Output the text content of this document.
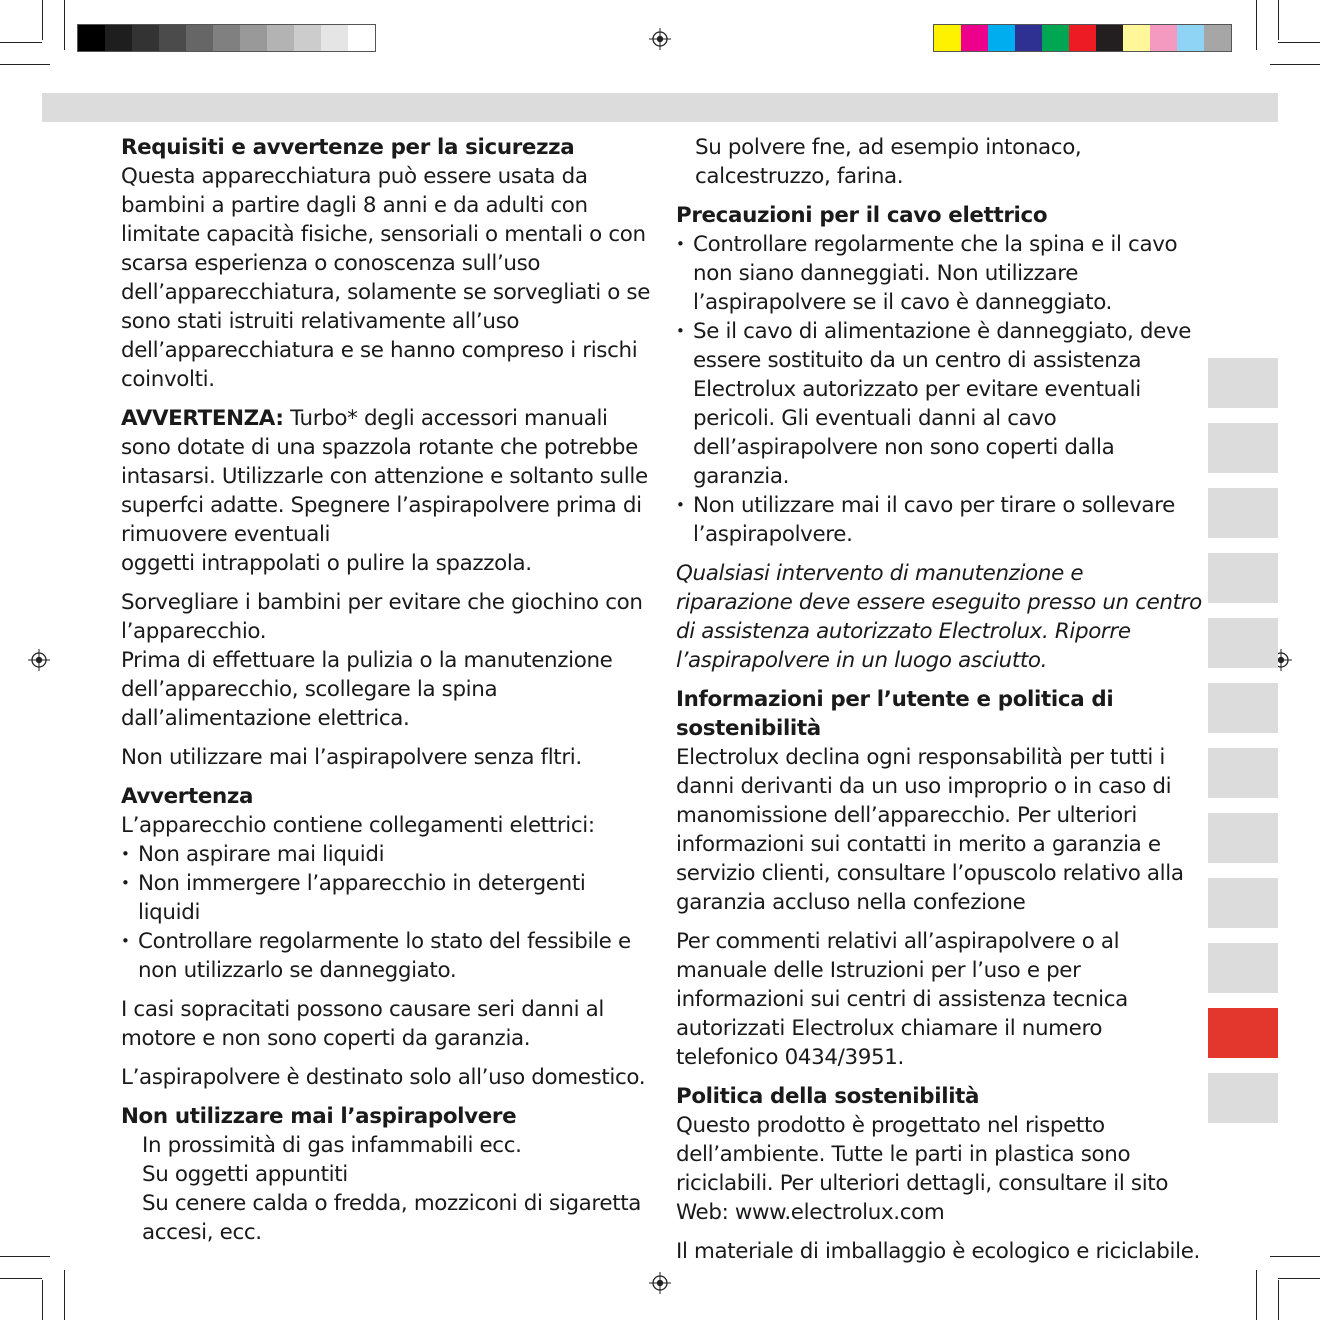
Requisiti e avvertenze per la sicurezza

Questa apparecchiatura può essere usata da bambini a partire dagli 8 anni e da adulti con limitate capacità fisiche, sensoriali o mentali o con scarsa esperienza o conoscenza sull’uso dell’apparecchiatura, solamente se sorvegliati o se sono stati istruiti relativamente all’uso dell’apparecchiatura e se hanno compreso i rischi coinvolti.

AVVERTENZA: Turbo* degli accessori manuali sono dotate di una spazzola rotante che potrebbe intasarsi. Utilizzarle con attenzione e soltanto sulle superfci adatte. Spegnere l’aspirapolvere prima di rimuovere eventuali
oggetti intrappolati o pulire la spazzola.

Sorvegliare i bambini per evitare che giochino con l’apparecchio.

Prima di effettuare la pulizia o la manutenzione dell’apparecchio, scollegare la spina dall’alimentazione elettrica.

Non utilizzare mai l’aspirapolvere senza fltri.

Avvertenza

L’apparecchio contiene collegamenti elettrici:

• Non aspirare mai liquidi
• Non immergere l’apparecchio in detergenti liquidi
• Controllare regolarmente lo stato del fessibile e non utilizzarlo se danneggiato.

I casi sopracitati possono causare seri danni al motore e non sono coperti da garanzia.

L’aspirapolvere è destinato solo all’uso domestico.

Non utilizzare mai l’aspirapolvere
In prossimità di gas infammabili ecc.
Su oggetti appuntiti
Su cenere calda o fredda, mozziconi di sigaretta accesi, ecc.

Su polvere fne, ad esempio intonaco, calcestruzzo, farina.

Precauzioni per il cavo elettrico
• Controllare regolarmente che la spina e il cavo non siano danneggiati. Non utilizzare l’aspirapolvere se il cavo è danneggiato.
• Se il cavo di alimentazione è danneggiato, deve essere sostituito da un centro di assistenza Electrolux autorizzato per evitare eventuali pericoli. Gli eventuali danni al cavo dell’aspirapolvere non sono coperti dalla garanzia.
• Non utilizzare mai il cavo per tirare o sollevare l’aspirapolvere.

Qualsiasi intervento di manutenzione e riparazione deve essere eseguito presso un centro di assistenza autorizzato Electrolux. Riporre l’aspirapolvere in un luogo asciutto.

Informazioni per l’utente e politica di sostenibilità

Electrolux declina ogni responsabilità per tutti i danni derivanti da un uso improprio o in caso di manomissione dell’apparecchio. Per ulteriori informazioni sui contatti in merito a garanzia e servizio clienti, consultare l’opuscolo relativo alla garanzia accluso nella confezione

Per commenti relativi all’aspirapolvere o al manuale delle Istruzioni per l’uso e per informazioni sui centri di assistenza tecnica autorizzati Electrolux chiamare il numero telefonico 0434/3951.

Politica della sostenibilità

Questo prodotto è progettato nel rispetto dell’ambiente. Tutte le parti in plastica sono riciclabili. Per ulteriori dettagli, consultare il sito Web: www.electrolux.com

Il materiale di imballaggio è ecologico e riciclabile.
